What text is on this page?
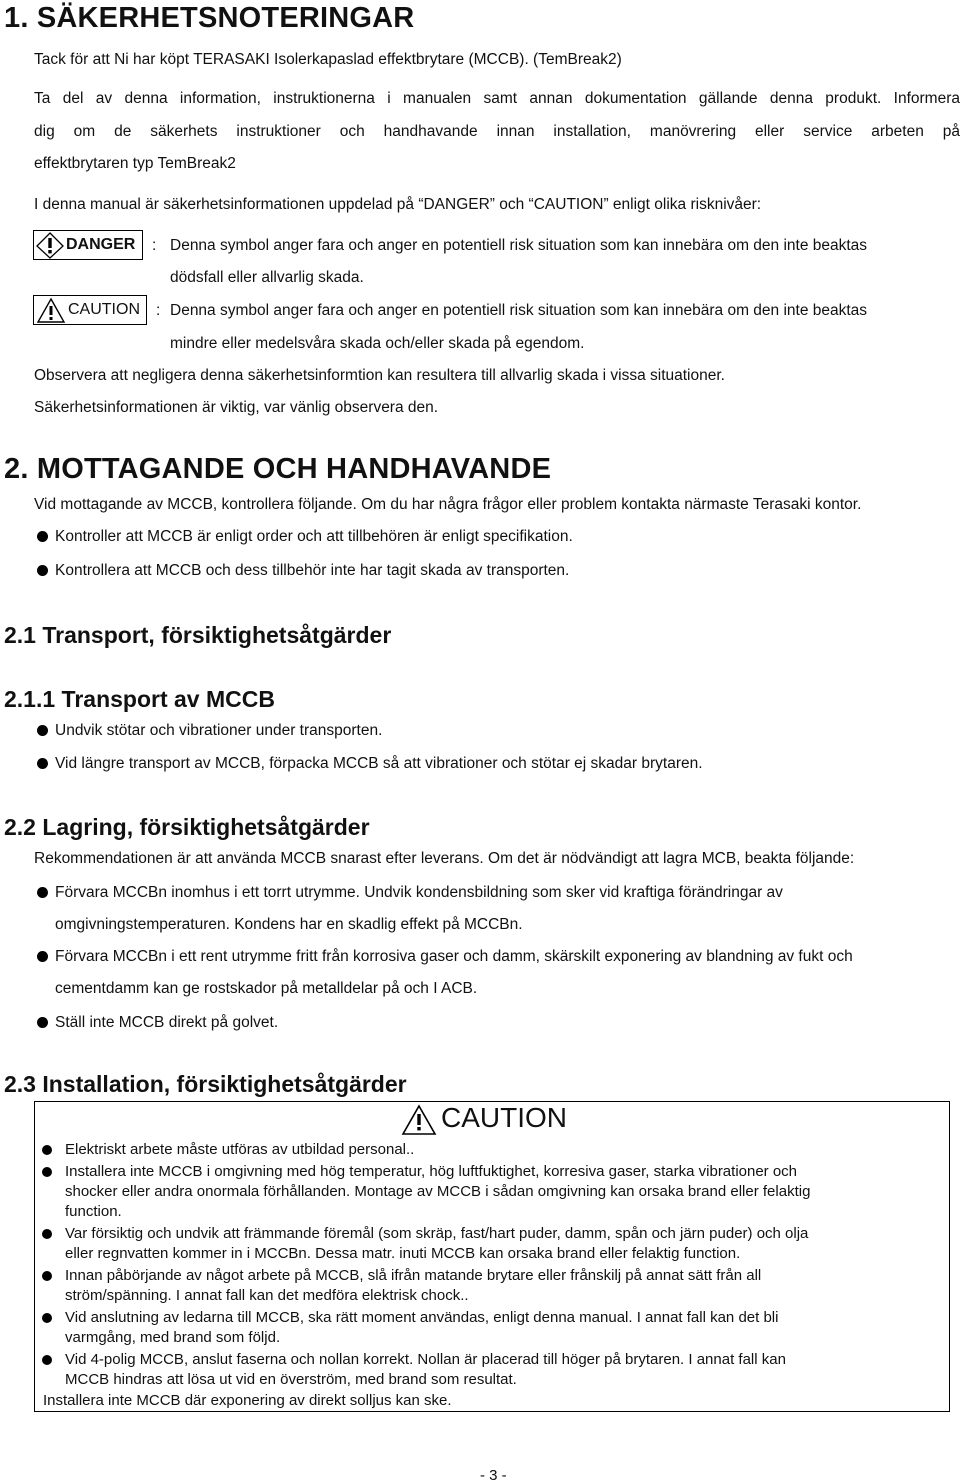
1. SÄKERHETSNOTERINGAR
Tack för att Ni har köpt TERASAKI Isolerkapaslad effektbrytare (MCCB). (TemBreak2)
Ta del av denna information, instruktionerna i manualen samt annan dokumentation gällande denna produkt. Informera
dig om de säkerhets instruktioner och handhavande innan installation, manövrering eller service arbeten på
effektbrytaren typ TemBreak2
I denna manual är säkerhetsinformationen uppdelad på “DANGER” och “CAUTION” enligt olika risknivåer:
DANGER : Denna symbol anger fara och anger en potentiell risk situation som kan innebära om den inte beaktas
dödsfall eller allvarlig skada.
CAUTION : Denna symbol anger fara och anger en potentiell risk situation som kan innebära om den inte beaktas
mindre eller medelsvåra skada och/eller skada på egendom.
Observera att negligera denna säkerhetsinformtion kan resultera till allvarlig skada i vissa situationer.
Säkerhetsinformationen är viktig, var vänlig observera den.
2. MOTTAGANDE OCH HANDHAVANDE
Vid mottagande av MCCB, kontrollera följande. Om du har några frågor eller problem kontakta närmaste Terasaki kontor.
Kontroller att MCCB är enligt order och att tillbehören är enligt specifikation.
Kontrollera att MCCB och dess tillbehör inte har tagit skada av transporten.
2.1 Transport, försiktighetsåtgärder
2.1.1 Transport av MCCB
Undvik stötar och vibrationer under transporten.
Vid längre transport av MCCB, förpacka MCCB så att vibrationer och stötar ej skadar brytaren.
2.2 Lagring, försiktighetsåtgärder
Rekommendationen är att använda MCCB snarast efter leverans. Om det är nödvändigt att lagra MCB, beakta följande:
Förvara MCCBn inomhus i ett torrt utrymme. Undvik kondensbildning som sker vid kraftiga förändringar av
omgivningstemperaturen. Kondens har en skadlig effekt på MCCBn.
Förvara MCCBn i ett rent utrymme fritt från korrosiva gaser och damm, skärskilt exponering av blandning av fukt och
cementdamm kan ge rostskador på metalldelar på och I ACB.
Ställ inte MCCB direkt på golvet.
2.3 Installation, försiktighetsåtgärder
CAUTION
Elektriskt arbete måste utföras av utbildad personal..
Installera inte MCCB i omgivning med hög temperatur, hög luftfuktighet, korresiva gaser, starka vibrationer och
shocker eller andra onormala förhållanden. Montage av MCCB i sådan omgivning kan orsaka brand eller felaktig
function.
Var försiktig och undvik att främmande föremål (som skräp, fast/hart puder, damm, spån och järn puder) och olja
eller regnvatten kommer in i MCCBn. Dessa matr. inuti MCCB kan orsaka brand eller felaktig function.
Innan påbörjande av något arbete på MCCB, slå ifrån matande brytare eller frånskilj på annat sätt från all
ström/spänning. I annat fall kan det medföra elektrisk chock..
Vid anslutning av ledarna till MCCB, ska rätt moment användas, enligt denna manual. I annat fall kan det bli
varmgång, med brand som följd.
Vid 4-polig MCCB, anslut faserna och nollan korrekt. Nollan är placerad till höger på brytaren. I annat fall kan
MCCB hindras att lösa ut vid en överström, med brand som resultat.
Installera inte MCCB där exponering av direkt solljus kan ske.
- 3 -
